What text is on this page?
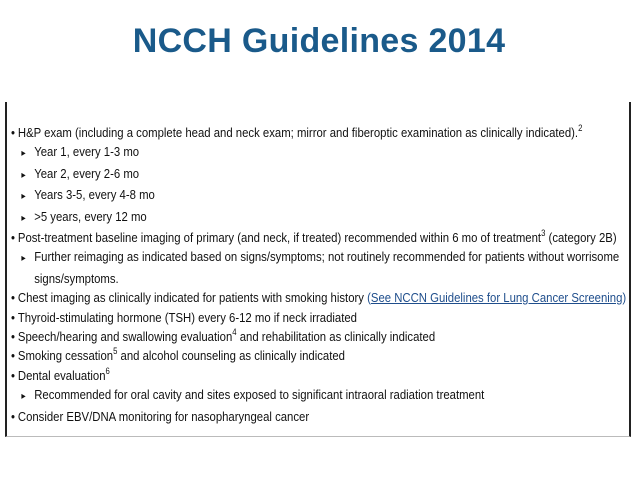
NCCH Guidelines 2014
• H&P exam (including a complete head and neck exam; mirror and fiberoptic examination as clinically indicated).$^2$
▸ Year 1, every 1-3 mo
▸ Year 2, every 2-6 mo
▸ Years 3-5, every 4-8 mo
▸ >5 years, every 12 mo
• Post-treatment baseline imaging of primary (and neck, if treated) recommended within 6 mo of treatment$^3$ (category 2B)
▸ Further reimaging as indicated based on signs/symptoms; not routinely recommended for patients without worrisome
signs/symptoms.
• Chest imaging as clinically indicated for patients with smoking history (See NCCN Guidelines for Lung Cancer Screening)
• Thyroid-stimulating hormone (TSH) every 6-12 mo if neck irradiated
• Speech/hearing and swallowing evaluation$^4$ and rehabilitation as clinically indicated
• Smoking cessation$^5$ and alcohol counseling as clinically indicated
• Dental evaluation$^6$
▸ Recommended for oral cavity and sites exposed to significant intraoral radiation treatment
• Consider EBV/DNA monitoring for nasopharyngeal cancer
